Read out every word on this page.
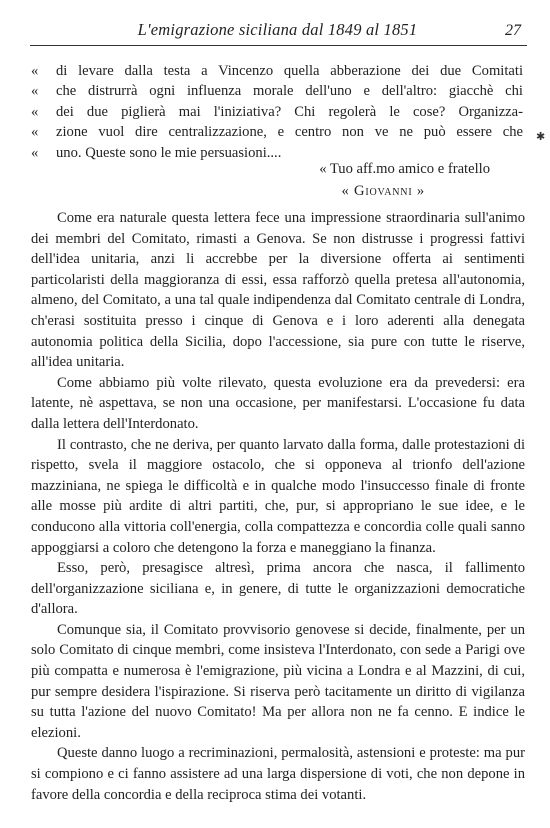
L'emigrazione siciliana dal 1849 al 1851	27
«	di levare dalla testa a Vincenzo quella abberazione dei due Comitati
«	che distrurrà ogni influenza morale dell'uno e dell'altro: giacchè chi
«	dei due piglierà mai l'iniziativa? Chi regolerà le cose? Organizza-
«	zione vuol dire centralizzazione, e centro non ve ne può essere che
«	uno. Queste sono le mie persuasioni....
« Tuo aff.mo amico e fratello
« Giovanni »
✱

Come era naturale questa lettera fece una impressione straordinaria sull'animo dei membri del Comitato, rimasti a Genova. Se non distrusse i progressi fattivi dell'idea unitaria, anzi li accrebbe per la diversione offerta ai sentimenti particolaristi della maggioranza di essi, essa rafforzò quella pretesa all'autonomia, almeno, del Comitato, a una tal quale indipendenza dal Comitato centrale di Londra, ch'erasi sostituita presso i cinque di Genova e i loro aderenti alla denegata autonomia politica della Sicilia, dopo l'accessione, sia pure con tutte le riserve, all'idea unitaria.

Come abbiamo più volte rilevato, questa evoluzione era da prevedersi: era latente, nè aspettava, se non una occasione, per manifestarsi. L'occasione fu data dalla lettera dell'Interdonato.

Il contrasto, che ne deriva, per quanto larvato dalla forma, dalle protestazioni di rispetto, svela il maggiore ostacolo, che si opponeva al trionfo dell'azione mazziniana, ne spiega le difficoltà e in qualche modo l'insuccesso finale di fronte alle mosse più ardite di altri partiti, che, pur, si appropriano le sue idee, e le conducono alla vittoria coll'energia, colla compattezza e concordia colle quali sanno appoggiarsi a coloro che detengono la forza e maneggiano la finanza.

Esso, però, presagisce altresì, prima ancora che nasca, il fallimento dell'organizzazione siciliana e, in genere, di tutte le organizzazioni democratiche d'allora.

Comunque sia, il Comitato provvisorio genovese si decide, finalmente, per un solo Comitato di cinque membri, come insisteva l'Interdonato, con sede a Parigi ove più compatta e numerosa è l'emigrazione, più vicina a Londra e al Mazzini, di cui, pur sempre desidera l'ispirazione. Si riserva però tacitamente un diritto di vigilanza su tutta l'azione del nuovo Comitato! Ma per allora non ne fa cenno. E indice le elezioni.

Queste danno luogo a recriminazioni, permalosità, astensioni e proteste: ma pur si compiono e ci fanno assistere ad una larga dispersione di voti, che non depone in favore della concordia e della reciproca stima dei votanti.
